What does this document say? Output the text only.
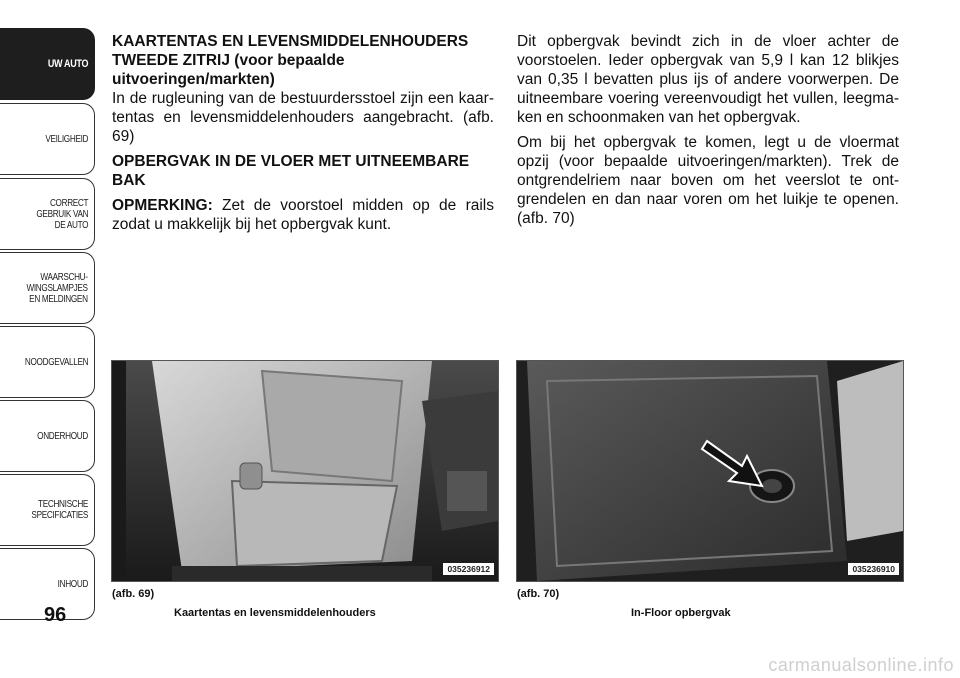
UW AUTO
VEILIGHEID
CORRECT
GEBRUIK VAN
DE AUTO
WAARSCHU-
WINGSLAMPJES
EN MELDINGEN
NOODGEVALLEN
ONDERHOUD
TECHNISCHE
SPECIFICATIES
INHOUD
96

KAARTENTAS EN LEVENSMIDDELENHOUDERS TWEEDE ZITRIJ (voor bepaalde uitvoeringen/markten)

In de rugleuning van de bestuurdersstoel zijn een kaartentas en levensmiddelenhouders aangebracht. (afb. 69)

OPBERGVAK IN DE VLOER MET UITNEEMBARE BAK

OPMERKING: Zet de voorstoel midden op de rails zodat u makkelijk bij het opbergvak kunt.

Dit opbergvak bevindt zich in de vloer achter de voorstoelen. Ieder opbergvak van 5,9 l kan 12 blikjes van 0,35 l bevatten plus ijs of andere voorwerpen. De uitneembare voering vereenvoudigt het vullen, leegmaken en schoonmaken van het opbergvak.

Om bij het opbergvak te komen, legt u de vloermat opzij (voor bepaalde uitvoeringen/markten). Trek de ontgrendelriem naar boven om het veerslot te ontgrendelen en dan naar voren om het luikje te openen. (afb. 70)

035236912
(afb. 69)
Kaartentas en levensmiddelenhouders
035236910
(afb. 70)
In-Floor opbergvak
carmanualsonline.info
